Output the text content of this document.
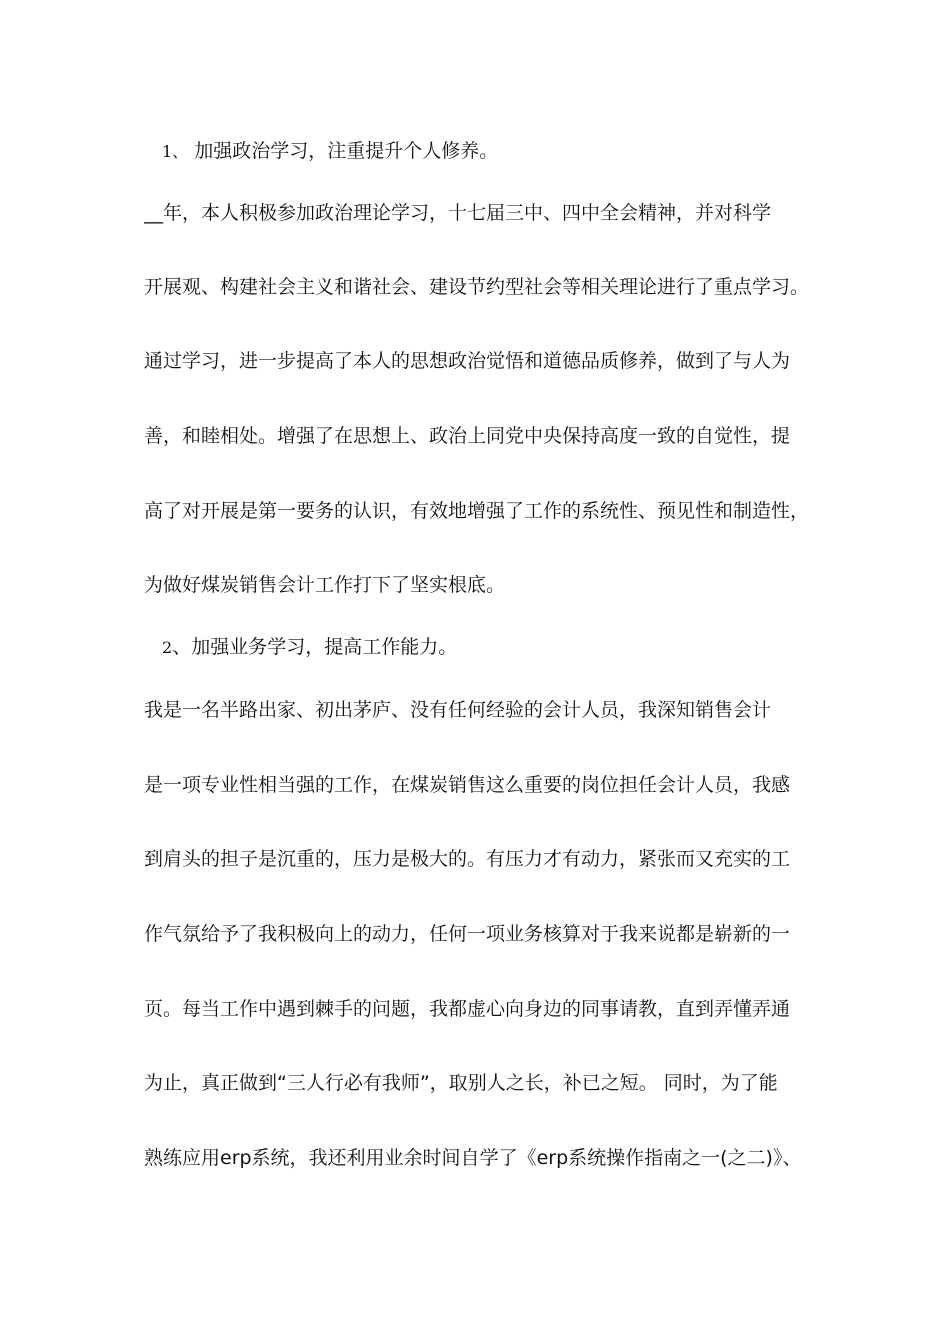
1、 加强政治学习，注重提升个人修养。
__年，本人积极参加政治理论学习，十七届三中、四中全会精神，并对科学
开展观、构建社会主义和谐社会、建设节约型社会等相关理论进行了重点学习。
通过学习，进一步提高了本人的思想政治觉悟和道德品质修养，做到了与人为
善，和睦相处。增强了在思想上、政治上同党中央保持高度一致的自觉性，提
高了对开展是第一要务的认识，有效地增强了工作的系统性、预见性和制造性，
为做好煤炭销售会计工作打下了坚实根底。
2、加强业务学习，提高工作能力。
我是一名半路出家、初出茅庐、没有任何经验的会计人员，我深知销售会计
是一项专业性相当强的工作，在煤炭销售这么重要的岗位担任会计人员，我感
到肩头的担子是沉重的，压力是极大的。有压力才有动力，紧张而又充实的工
作气氛给予了我积极向上的动力，任何一项业务核算对于我来说都是崭新的一
页。每当工作中遇到棘手的问题，我都虚心向身边的同事请教，直到弄懂弄通
为止，真正做到“三人行必有我师”，取别人之长，补已之短。 同时，为了能
熟练应用erp系统，我还利用业余时间自学了《erp系统操作指南之一(之二)》、
